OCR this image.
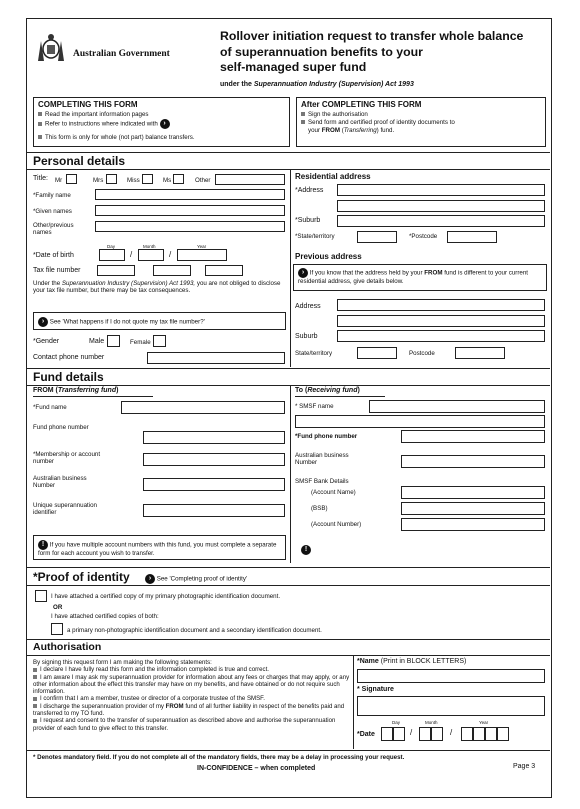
Australian Government
Rollover initiation request to transfer whole balance
of superannuation benefits to your
self-managed super fund
under the Superannuation Industry (Supervision) Act 1993
COMPLETING THIS FORM
Read the important information pages
Refer to instructions where indicated with ›
This form is only for whole (not part) balance transfers.
After COMPLETING THIS FORM
Sign the authorisation
Send form and certified proof of identity documents to
your FROM (Transferring) fund.
Personal details
Title: Mr	Mrs	Miss	Ms	Other
*Family name
*Given names
Other/previous names
Day	Month	Year
*Date of birth	/	/
Tax file number
Under the Superannuation Industry (Supervision) Act 1993, you are not obliged to disclose your tax file number, but there may be tax consequences.
› See 'What happens if I do not quote my tax file number?'
*Gender	Male	Female
Contact phone number
Residential address
*Address
*Suburb
*State/territory	*Postcode
Previous address
› If you know that the address held by your FROM fund is different to your current residential address, give details below.
Address
Suburb
State/territory	Postcode
Fund details
FROM (Transferring fund)
*Fund name
Fund phone number
*Membership or account number
Australian business Number
Unique superannuation identifier
! If you have multiple account numbers with this fund, you must complete a separate form for each account you wish to transfer.
To (Receiving fund)
* SMSF name
*Fund phone number
Australian business Number
SMSF Bank Details
(Account Name)
(BSB)
(Account Number)
!
*Proof of identity	› See 'Completing proof of identity'
I have attached a certified copy of my primary photographic identification document.
OR
I have attached certified copies of both:
a primary non-photographic identification document and a secondary identification document.
Authorisation
By signing this request form I am making the following statements:
I declare I have fully read this form and the information completed is true and correct.
I am aware I may ask my superannuation provider for information about any fees or charges that may apply, or any other information about the effect this transfer may have on my benefits, and have obtained or do not require such information.
I confirm that I am a member, trustee or director of a corporate trustee of the SMSF.
I discharge the superannuation provider of my FROM fund of all further liability in respect of the benefits paid and transferred to my TO fund.
I request and consent to the transfer of superannuation as described above and authorise the superannuation provider of each fund to give effect to this transfer.
*Name (Print in BLOCK LETTERS)
* Signature
Day	Month	Year
*Date	/	/
* Denotes mandatory field. If you do not complete all of the mandatory fields, there may be a delay in processing your request.
IN-CONFIDENCE – when completed	Page 3
